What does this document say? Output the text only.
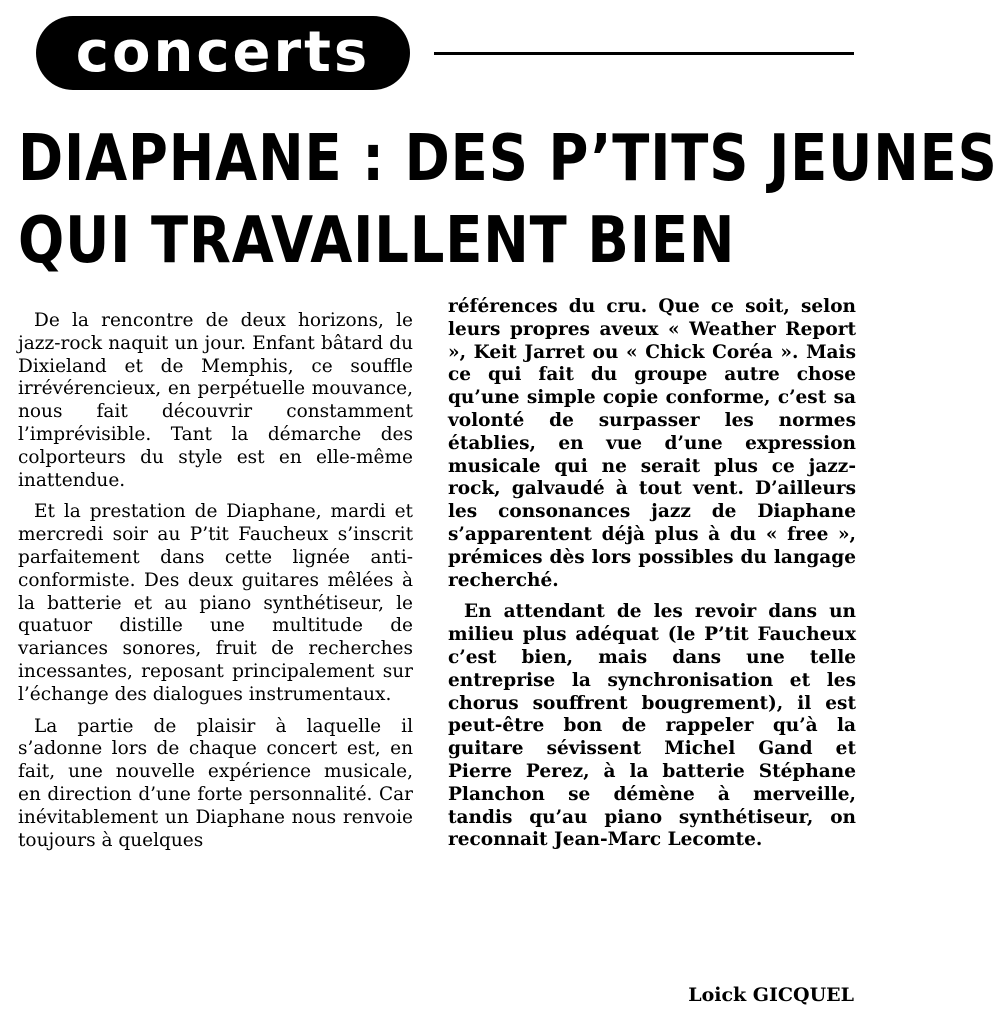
concerts
DIAPHANE : DES P’TITS JEUNES
QUI TRAVAILLENT BIEN

De la rencontre de deux horizons, le jazz-rock naquit un jour. Enfant bâtard du Dixieland et de Memphis, ce souffle irrévérencieux, en perpétuelle mouvance, nous fait découvrir constamment l’imprévisible. Tant la démarche des colporteurs du style est en elle-même inattendue.

Et la prestation de Diaphane, mardi et mercredi soir au P’tit Faucheux s’inscrit parfaitement dans cette lignée anti-conformiste. Des deux guitares mêlées à la batterie et au piano synthétiseur, le quatuor distille une multitude de variances sonores, fruit de recherches incessantes, reposant principalement sur l’échange des dialogues instrumentaux.

La partie de plaisir à laquelle il s’adonne lors de chaque concert est, en fait, une nouvelle expérience musicale, en direction d’une forte personnalité. Car inévitablement un Diaphane nous renvoie toujours à quelques

références du cru. Que ce soit, selon leurs propres aveux « Weather Report », Keit Jarret ou « Chick Coréa ». Mais ce qui fait du groupe autre chose qu’une simple copie conforme, c’est sa volonté de surpasser les normes établies, en vue d’une expression musicale qui ne serait plus ce jazz-rock, galvaudé à tout vent. D’ailleurs les consonances jazz de Diaphane s’apparentent déjà plus à du « free », prémices dès lors possibles du langage recherché.

En attendant de les revoir dans un milieu plus adéquat (le P’tit Faucheux c’est bien, mais dans une telle entreprise la synchronisation et les chorus souffrent bougrement), il est peut-être bon de rappeler qu’à la guitare sévissent Michel Gand et Pierre Perez, à la batterie Stéphane Planchon se démène à merveille, tandis qu’au piano synthétiseur, on reconnait Jean-Marc Lecomte.

Loick GICQUEL
